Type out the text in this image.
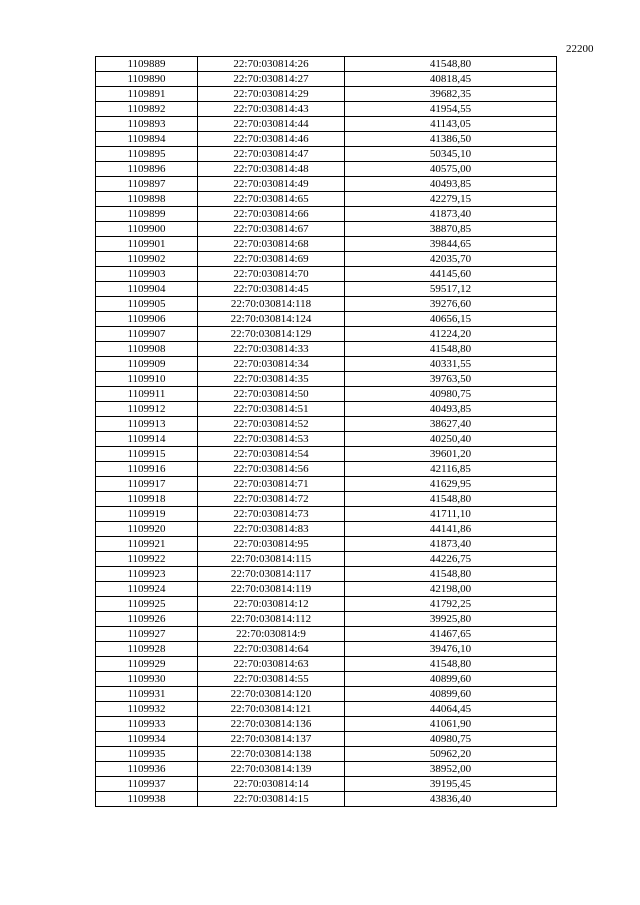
22200
1109889	22:70:030814:26	41548,80
1109890	22:70:030814:27	40818,45
1109891	22:70:030814:29	39682,35
1109892	22:70:030814:43	41954,55
1109893	22:70:030814:44	41143,05
1109894	22:70:030814:46	41386,50
1109895	22:70:030814:47	50345,10
1109896	22:70:030814:48	40575,00
1109897	22:70:030814:49	40493,85
1109898	22:70:030814:65	42279,15
1109899	22:70:030814:66	41873,40
1109900	22:70:030814:67	38870,85
1109901	22:70:030814:68	39844,65
1109902	22:70:030814:69	42035,70
1109903	22:70:030814:70	44145,60
1109904	22:70:030814:45	59517,12
1109905	22:70:030814:118	39276,60
1109906	22:70:030814:124	40656,15
1109907	22:70:030814:129	41224,20
1109908	22:70:030814:33	41548,80
1109909	22:70:030814:34	40331,55
1109910	22:70:030814:35	39763,50
1109911	22:70:030814:50	40980,75
1109912	22:70:030814:51	40493,85
1109913	22:70:030814:52	38627,40
1109914	22:70:030814:53	40250,40
1109915	22:70:030814:54	39601,20
1109916	22:70:030814:56	42116,85
1109917	22:70:030814:71	41629,95
1109918	22:70:030814:72	41548,80
1109919	22:70:030814:73	41711,10
1109920	22:70:030814:83	44141,86
1109921	22:70:030814:95	41873,40
1109922	22:70:030814:115	44226,75
1109923	22:70:030814:117	41548,80
1109924	22:70:030814:119	42198,00
1109925	22:70:030814:12	41792,25
1109926	22:70:030814:112	39925,80
1109927	22:70:030814:9	41467,65
1109928	22:70:030814:64	39476,10
1109929	22:70:030814:63	41548,80
1109930	22:70:030814:55	40899,60
1109931	22:70:030814:120	40899,60
1109932	22:70:030814:121	44064,45
1109933	22:70:030814:136	41061,90
1109934	22:70:030814:137	40980,75
1109935	22:70:030814:138	50962,20
1109936	22:70:030814:139	38952,00
1109937	22:70:030814:14	39195,45
1109938	22:70:030814:15	43836,40
